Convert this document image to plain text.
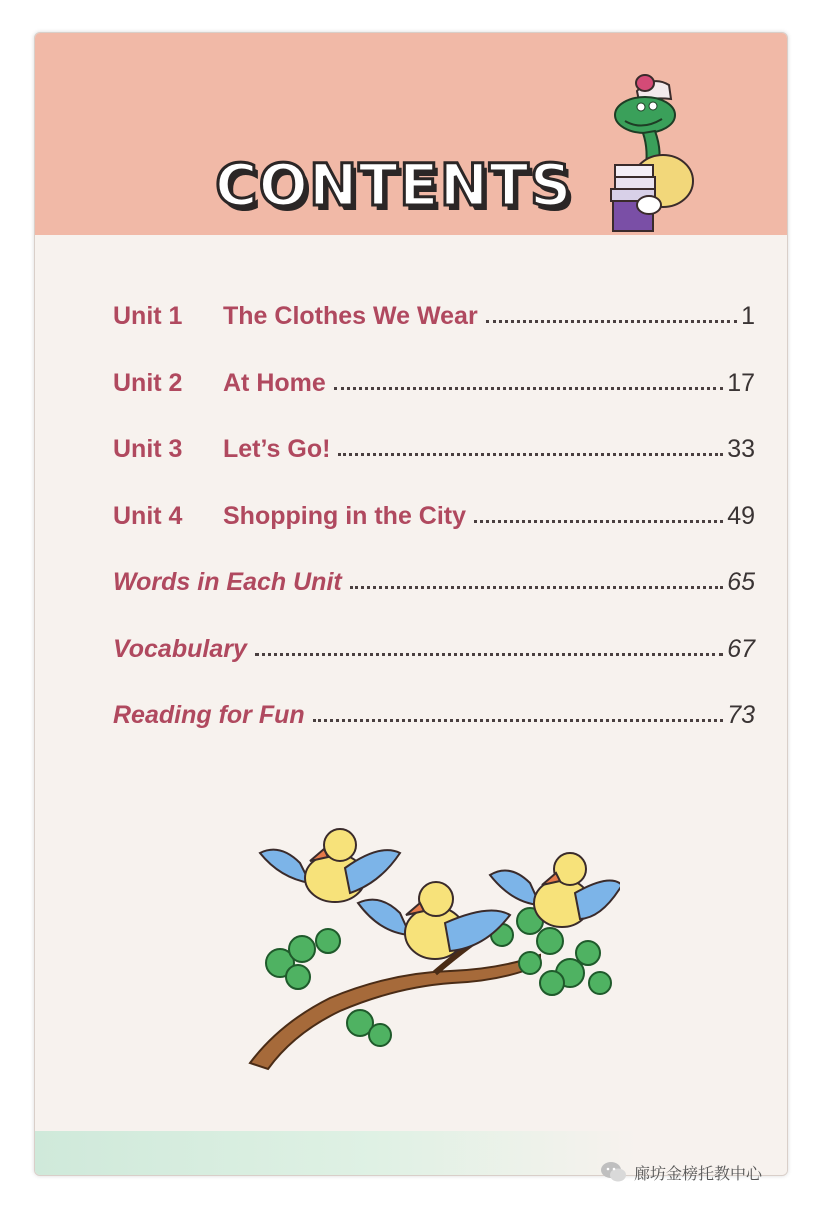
CONTENTS
Unit 1	The Clothes We Wear	1
Unit 2	At Home	17
Unit 3	Let’s Go!	33
Unit 4	Shopping in the City	49
Words in Each Unit	65
Vocabulary	67
Reading for Fun	73
廊坊金榜托教中心
